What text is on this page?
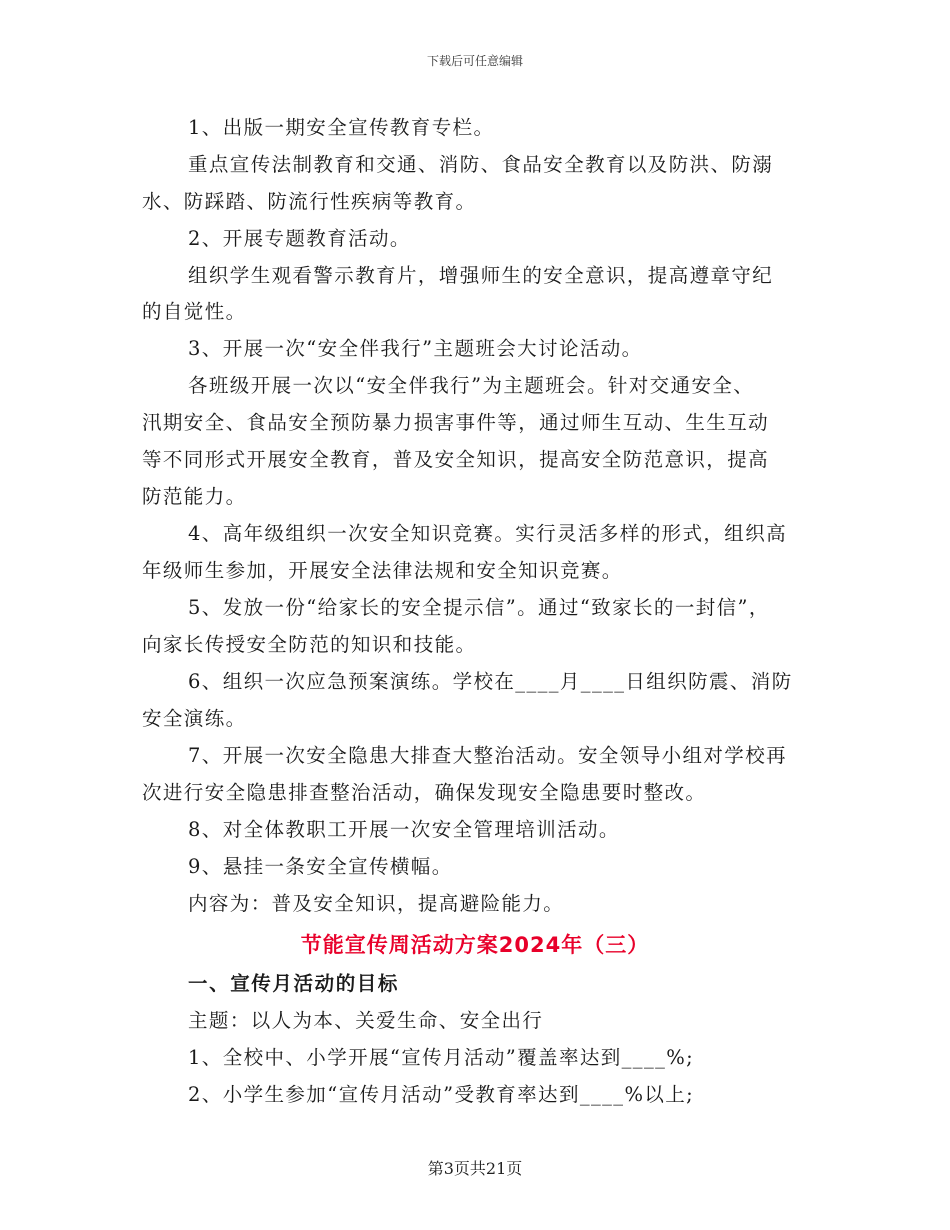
下载后可任意编辑
1、出版一期安全宣传教育专栏。
重点宣传法制教育和交通、消防、食品安全教育以及防洪、防溺
水、防踩踏、防流行性疾病等教育。
2、开展专题教育活动。
组织学生观看警示教育片，增强师生的安全意识，提高遵章守纪
的自觉性。
3、开展一次“安全伴我行”主题班会大讨论活动。
各班级开展一次以“安全伴我行”为主题班会。针对交通安全、
汛期安全、食品安全预防暴力损害事件等，通过师生互动、生生互动
等不同形式开展安全教育，普及安全知识，提高安全防范意识，提高
防范能力。
4、高年级组织一次安全知识竞赛。实行灵活多样的形式，组织高
年级师生参加，开展安全法律法规和安全知识竞赛。
5、发放一份“给家长的安全提示信”。通过“致家长的一封信”，
向家长传授安全防范的知识和技能。
6、组织一次应急预案演练。学校在____月____日组织防震、消防
安全演练。
7、开展一次安全隐患大排查大整治活动。安全领导小组对学校再
次进行安全隐患排查整治活动，确保发现安全隐患要时整改。
8、对全体教职工开展一次安全管理培训活动。
9、悬挂一条安全宣传横幅。
内容为：普及安全知识，提高避险能力。
节能宣传周活动方案2024年（三）
一、宣传月活动的目标
主题：以人为本、关爱生命、安全出行
1、全校中、小学开展“宣传月活动”覆盖率达到____%;
2、小学生参加“宣传月活动”受教育率达到____%以上;
第3页共21页
